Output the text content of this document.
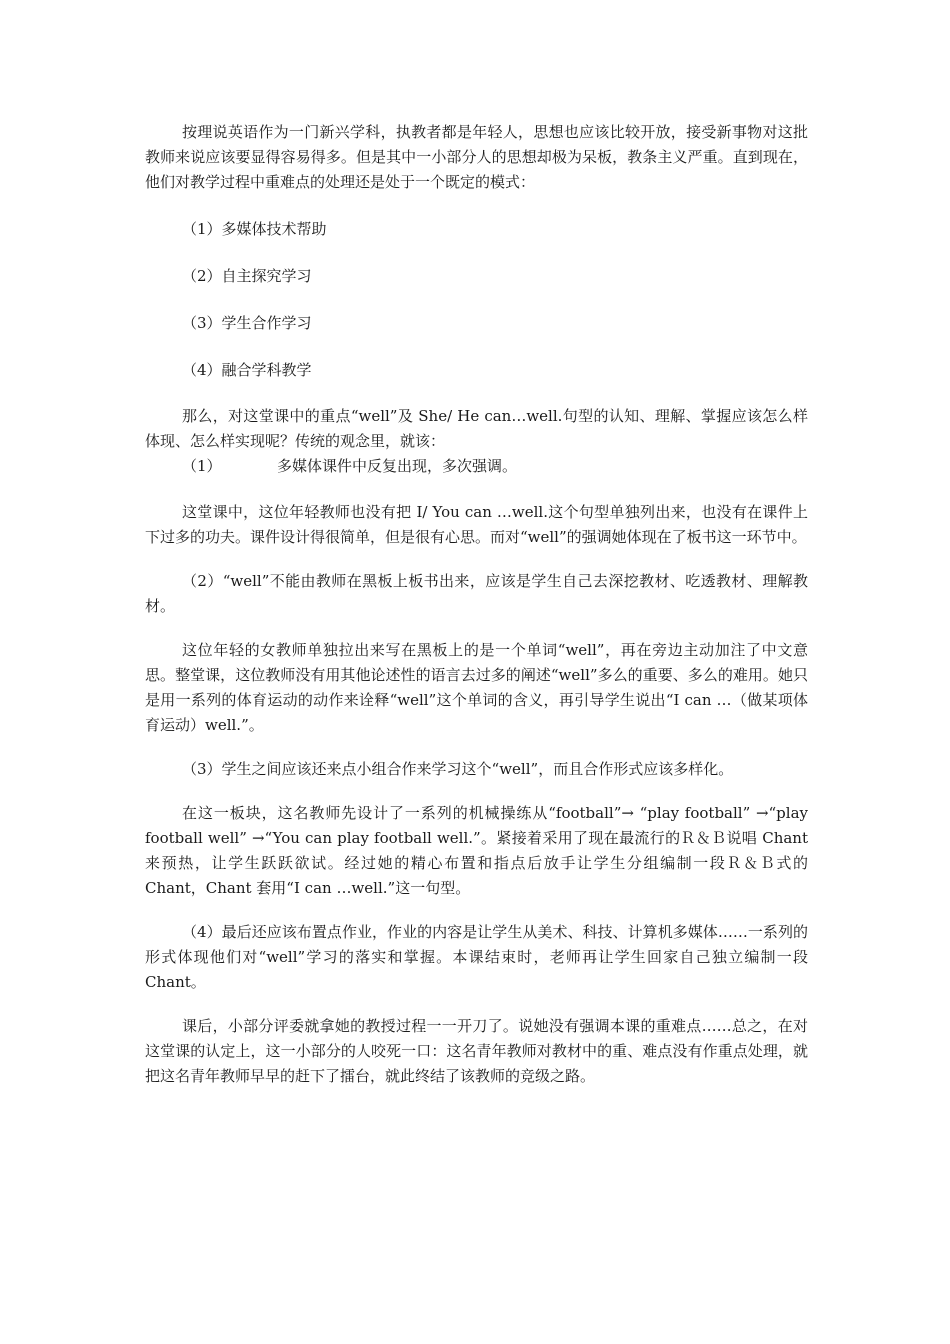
按理说英语作为一门新兴学科，执教者都是年轻人，思想也应该比较开放，接受新事物对这批教师来说应该要显得容易得多。但是其中一小部分人的思想却极为呆板，教条主义严重。直到现在，他们对教学过程中重难点的处理还是处于一个既定的模式：

（1）多媒体技术帮助

（2）自主探究学习

（3）学生合作学习

（4）融合学科教学

那么，对这堂课中的重点“well”及 She/ He can…well.句型的认知、理解、掌握应该怎么样体现、怎么样实现呢？传统的观念里，就该：

（1）	多媒体课件中反复出现，多次强调。

这堂课中，这位年轻教师也没有把 I/ You can …well.这个句型单独列出来，也没有在课件上下过多的功夫。课件设计得很简单，但是很有心思。而对“well”的强调她体现在了板书这一环节中。

（2）“well”不能由教师在黑板上板书出来，应该是学生自己去深挖教材、吃透教材、理解教材。

这位年轻的女教师单独拉出来写在黑板上的是一个单词“well”，再在旁边主动加注了中文意思。整堂课，这位教师没有用其他论述性的语言去过多的阐述“well”多么的重要、多么的难用。她只是用一系列的体育运动的动作来诠释“well”这个单词的含义，再引导学生说出“I can …（做某项体育运动）well.”。

（3）学生之间应该还来点小组合作来学习这个“well”，而且合作形式应该多样化。

在这一板块，这名教师先设计了一系列的机械操练从“football”→ “play football” →“play football well” →“You can play football well.”。紧接着采用了现在最流行的Ｒ＆Ｂ说唱 Chant 来预热，让学生跃跃欲试。经过她的精心布置和指点后放手让学生分组编制一段Ｒ＆Ｂ式的 Chant，Chant 套用“I can …well.”这一句型。

（4）最后还应该布置点作业，作业的内容是让学生从美术、科技、计算机多媒体……一系列的形式体现他们对“well”学习的落实和掌握。本课结束时，老师再让学生回家自己独立编制一段 Chant。

课后，小部分评委就拿她的教授过程一一开刀了。说她没有强调本课的重难点……总之，在对这堂课的认定上，这一小部分的人咬死一口：这名青年教师对教材中的重、难点没有作重点处理，就把这名青年教师早早的赶下了擂台，就此终结了该教师的竞级之路。
